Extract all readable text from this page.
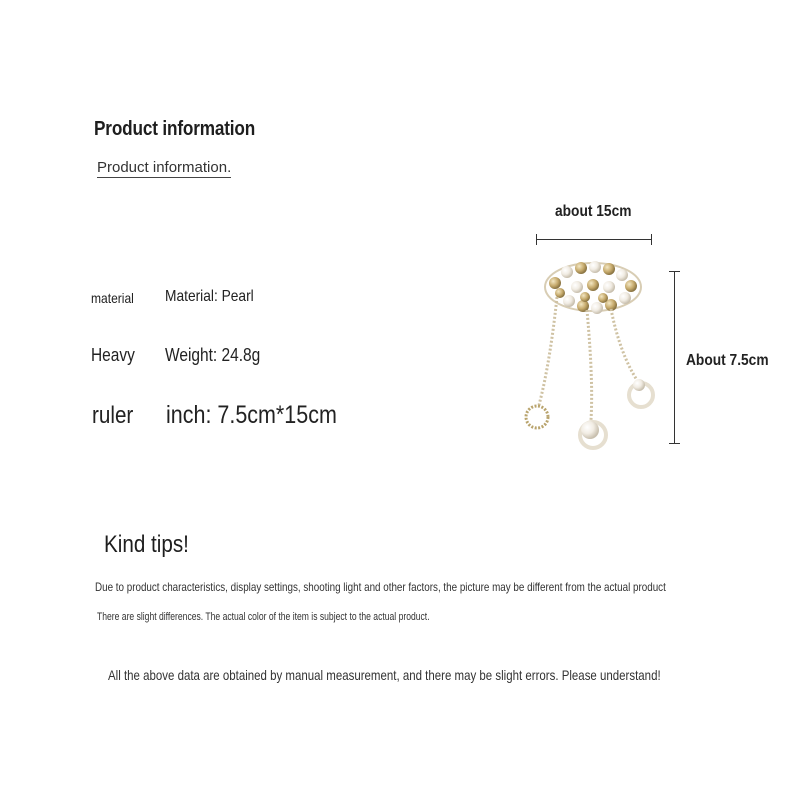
Product information
Product information.
material	Material: Pearl
Heavy	Weight: 24.8g
ruler inch: 7.5cm*15cm
about 15cm
About 7.5cm
Kind tips!
Due to product characteristics, display settings, shooting light and other factors, the picture may be different from the actual product
There are slight differences. The actual color of the item is subject to the actual product.
All the above data are obtained by manual measurement, and there may be slight errors. Please understand!
